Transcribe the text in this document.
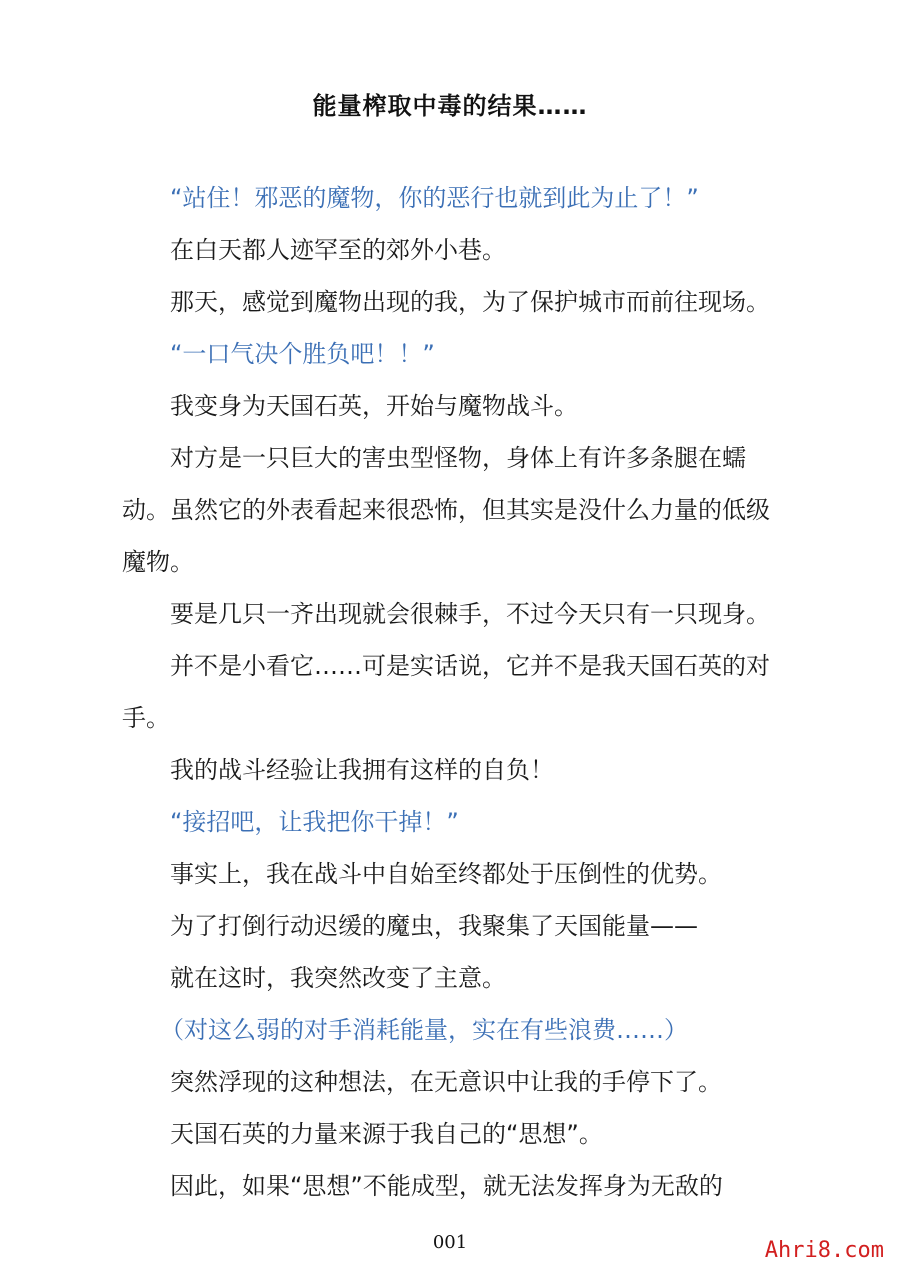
能量榨取中毒的结果……

“站住！邪恶的魔物，你的恶行也就到此为止了！”

在白天都人迹罕至的郊外小巷。

那天，感觉到魔物出现的我，为了保护城市而前往现场。

“一口气决个胜负吧！！”

我变身为天国石英，开始与魔物战斗。

对方是一只巨大的害虫型怪物，身体上有许多条腿在蠕动。虽然它的外表看起来很恐怖，但其实是没什么力量的低级魔物。

要是几只一齐出现就会很棘手，不过今天只有一只现身。

并不是小看它……可是实话说，它并不是我天国石英的对手。

我的战斗经验让我拥有这样的自负！

“接招吧，让我把你干掉！”

事实上，我在战斗中自始至终都处于压倒性的优势。

为了打倒行动迟缓的魔虫，我聚集了天国能量——

就在这时，我突然改变了主意。

（对这么弱的对手消耗能量，实在有些浪费……）

突然浮现的这种想法，在无意识中让我的手停下了。

天国石英的力量来源于我自己的“思想”。

因此，如果“思想”不能成型，就无法发挥身为无敌的

001	Ahri8.com
